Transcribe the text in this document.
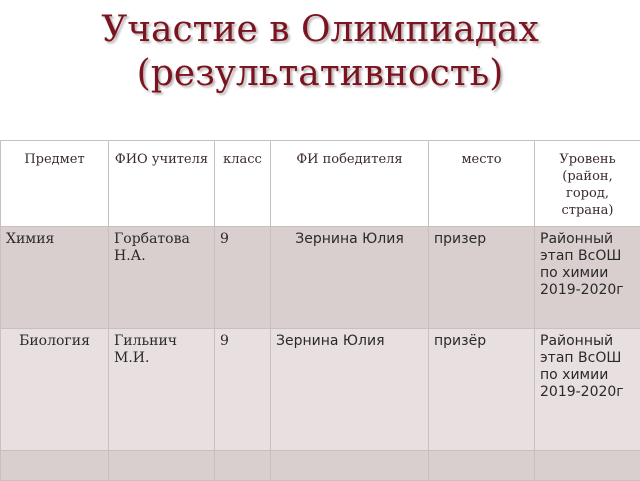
Участие в Олимпиадах
(результативность)
Предмет	ФИО учителя	класс	ФИ победителя	место	Уровень (район, город, страна)
Химия	Горбатова Н.А.	9	Зернина Юлия	призер	Районный этап ВсОШ по химии 2019-2020г
Биология	Гильнич М.И.	9	Зернина Юлия	призёр	Районный этап ВсОШ по химии 2019-2020г
